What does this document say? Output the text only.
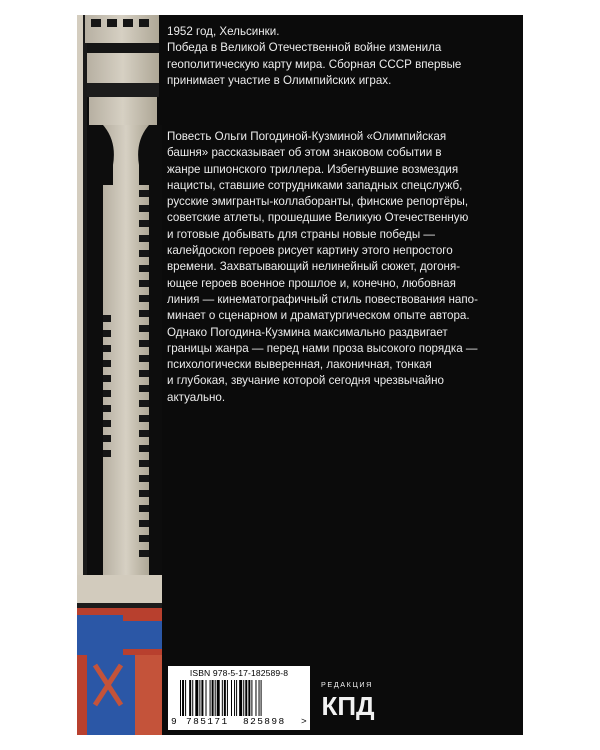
1952 год, Хельсинки.

Победа в Великой Отечественной войне изменила

геополитическую карту мира. Сборная СССР впервые

принимает участие в Олимпийских играх.

Повесть Ольги Погодиной-Кузминой «Олимпийская

башня» рассказывает об этом знаковом событии в

жанре шпионского триллера. Избегнувшие возмездия

нацисты, ставшие сотрудниками западных спецслужб,

русские эмигранты-коллаборанты, финские репортёры,

советские атлеты, прошедшие Великую Отечественную

и готовые добывать для страны новые победы —

калейдоскоп героев рисует картину этого непростого

времени. Захватывающий нелинейный сюжет, догоня-

ющее героев военное прошлое и, конечно, любовная

линия — кинематографичный стиль повествования напо-

минает о сценарном и драматургическом опыте автора.

Однако Погодина-Кузмина максимально раздвигает

границы жанра — перед нами проза высокого порядка —

психологически выверенная, лаконичная, тонкая

и глубокая, звучание которой сегодня чрезвычайно

актуально.

ISBN 978-5-17-182589-8
9 785171 825898 >
РЕДАКЦИЯ
КПД
